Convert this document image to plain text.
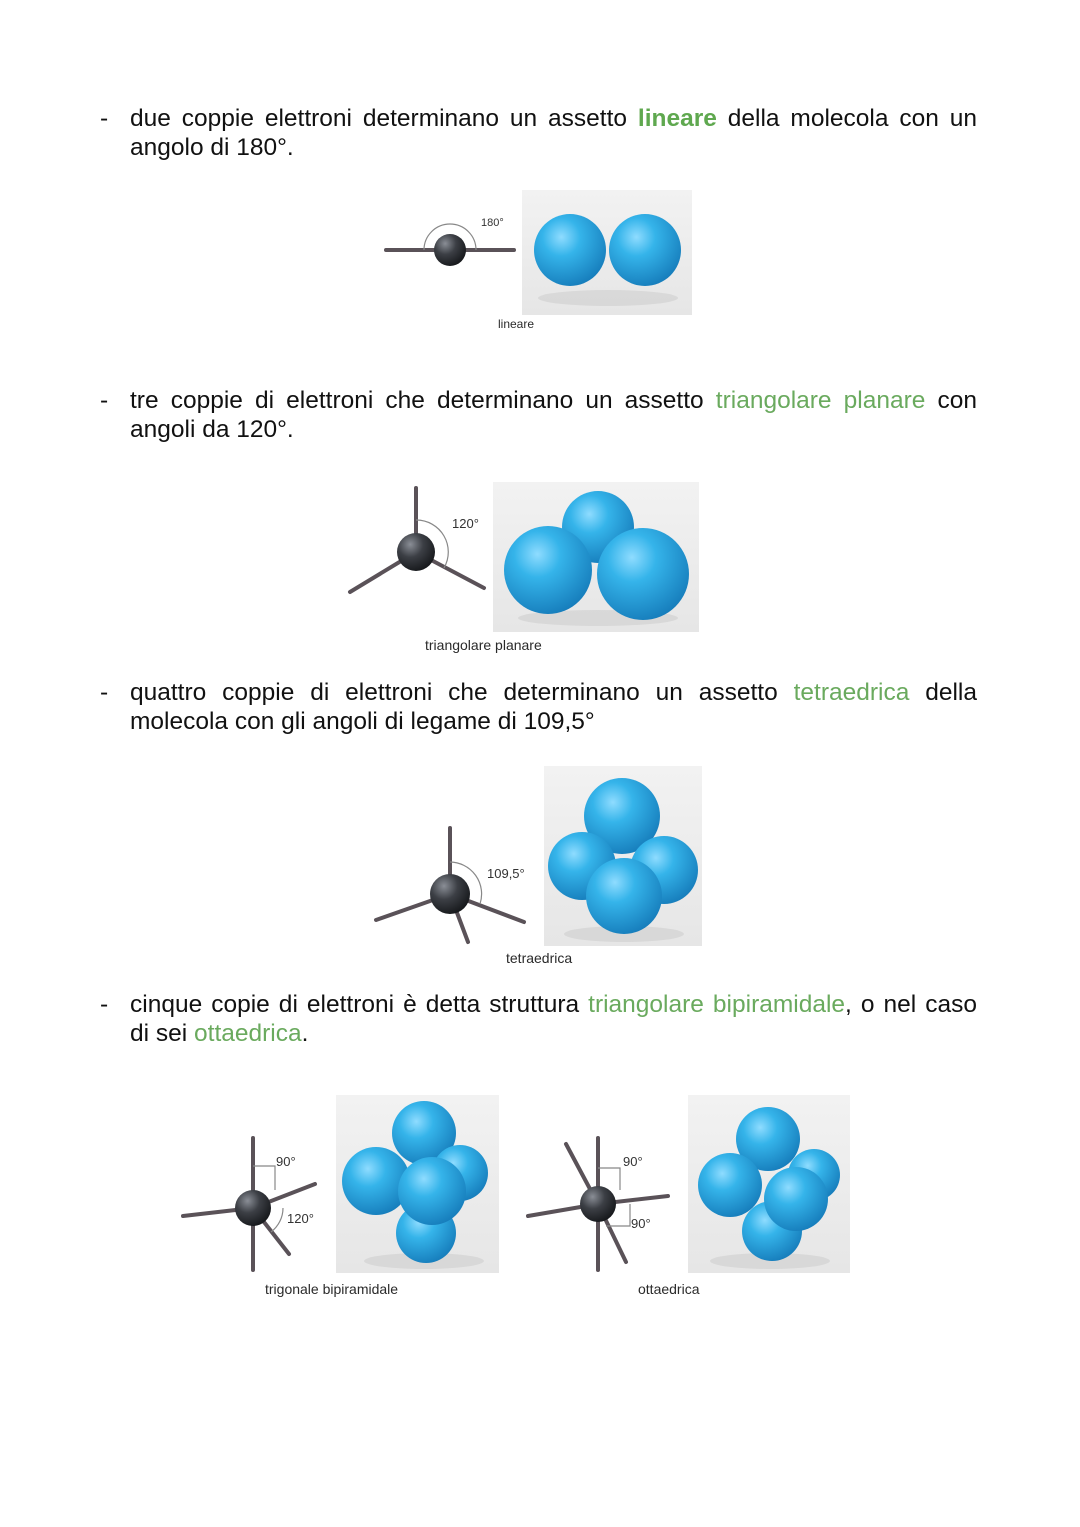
- due coppie elettroni determinano un assetto lineare della molecola con un angolo di 180°.
180°
lineare
- tre coppie di elettroni che determinano un assetto triangolare planare con angoli da 120°.
120°
triangolare planare
- quattro coppie di elettroni che determinano un assetto tetraedrica della molecola con gli angoli di legame di 109,5°
109,5°
tetraedrica
- cinque copie di elettroni è detta struttura triangolare bipiramidale, o nel caso di sei ottaedrica.
90°
120°
trigonale bipiramidale
90°
90°
ottaedrica
